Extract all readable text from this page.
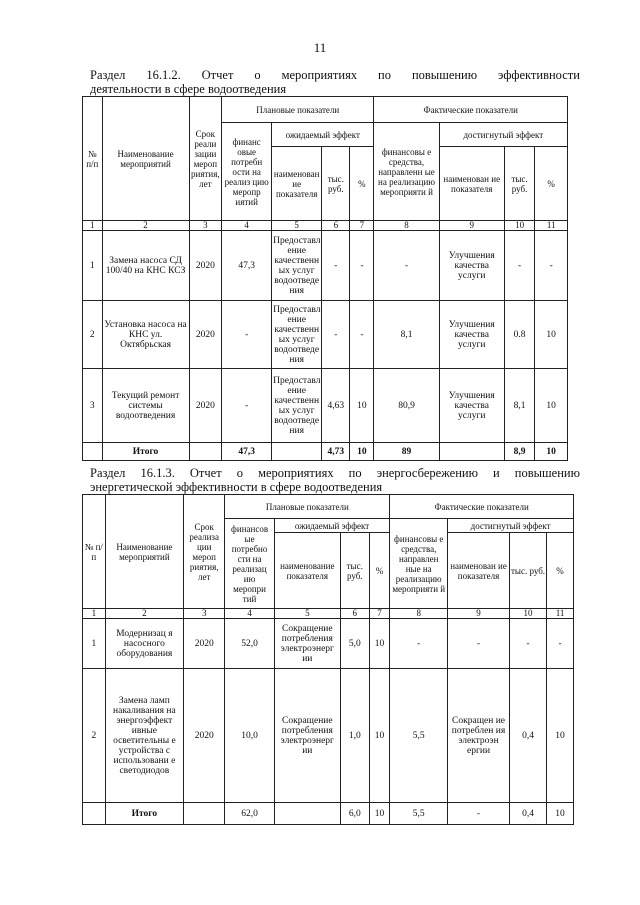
11
Раздел 16.1.2. Отчет о мероприятиях по повышению эффективности
деятельности в сфере водоотведения
№ п/п	Наименование мероприятий	Срок реали зации мероп риятия, лет	Плановые показатели				Фактические показатели			
			финанс овые потребн ости на реализ цию меропр иятий	ожидаемый эффект			финансовы е средства, направленн ые на реализацию мероприяти й	достигнутый эффект		
				наименован ие показателя	тыс. руб.	%		наименован ие показателя	тыс. руб.	%
1	2	3	4	5	6	7	8	9	10	11
1	Замена насоса СД 100/40 на КНС КСЗ	2020	47,3	Предоставл ение качественн ых услуг водоотведе ния	-	-	-	Улучшения качества услуги	-	-
2	Установка насоса на КНС ул. Октябрьская	2020	-	Предоставл ение качественн ых услуг водоотведе ния	-	-	8,1	Улучшения качества услуги	0.8	10
3	Текущий ремонт системы водоотведения	2020	-	Предоставл ение качественн ых услуг водоотведе ния	4,63	10	80,9	Улучшения качества услуги	8,1	10
	Итого		47,3		4,73	10	89		8,9	10
Раздел 16.1.3. Отчет о мероприятиях по энергосбережению и повышению
энергетической эффективности в сфере водоотведения
№ п/п	Наименование мероприятий	Срок реализа ции мероп риятия, лет	Плановые показатели				Фактические показатели			
			финансов ые потребно сти на реализац ию меропри тий	ожидаемый эффект			финансовы е средства, направлен ные на реализацию мероприяти й	достигнутый эффект		
				наименование показателя	тыс. руб.	%		наименован ие показателя	тыс. руб.	%
1	2	3	4	5	6	7	8	9	10	11
1	Модернизац я насосного оборудования	2020	52,0	Сокращение потребления электроэнерг ии	5,0	10	-	-	-	-
2	Замена ламп накаливания на энергоэффект ивные осветительны е устройства с использовани е светодиодов	2020	10,0	Сокращение потребления электроэнерг ии	1,0	10	5,5	Сокращен ие потреблен ия электроэн ергии	0,4	10
	Итого		62,0		6,0	10	5,5	-	0,4	10
